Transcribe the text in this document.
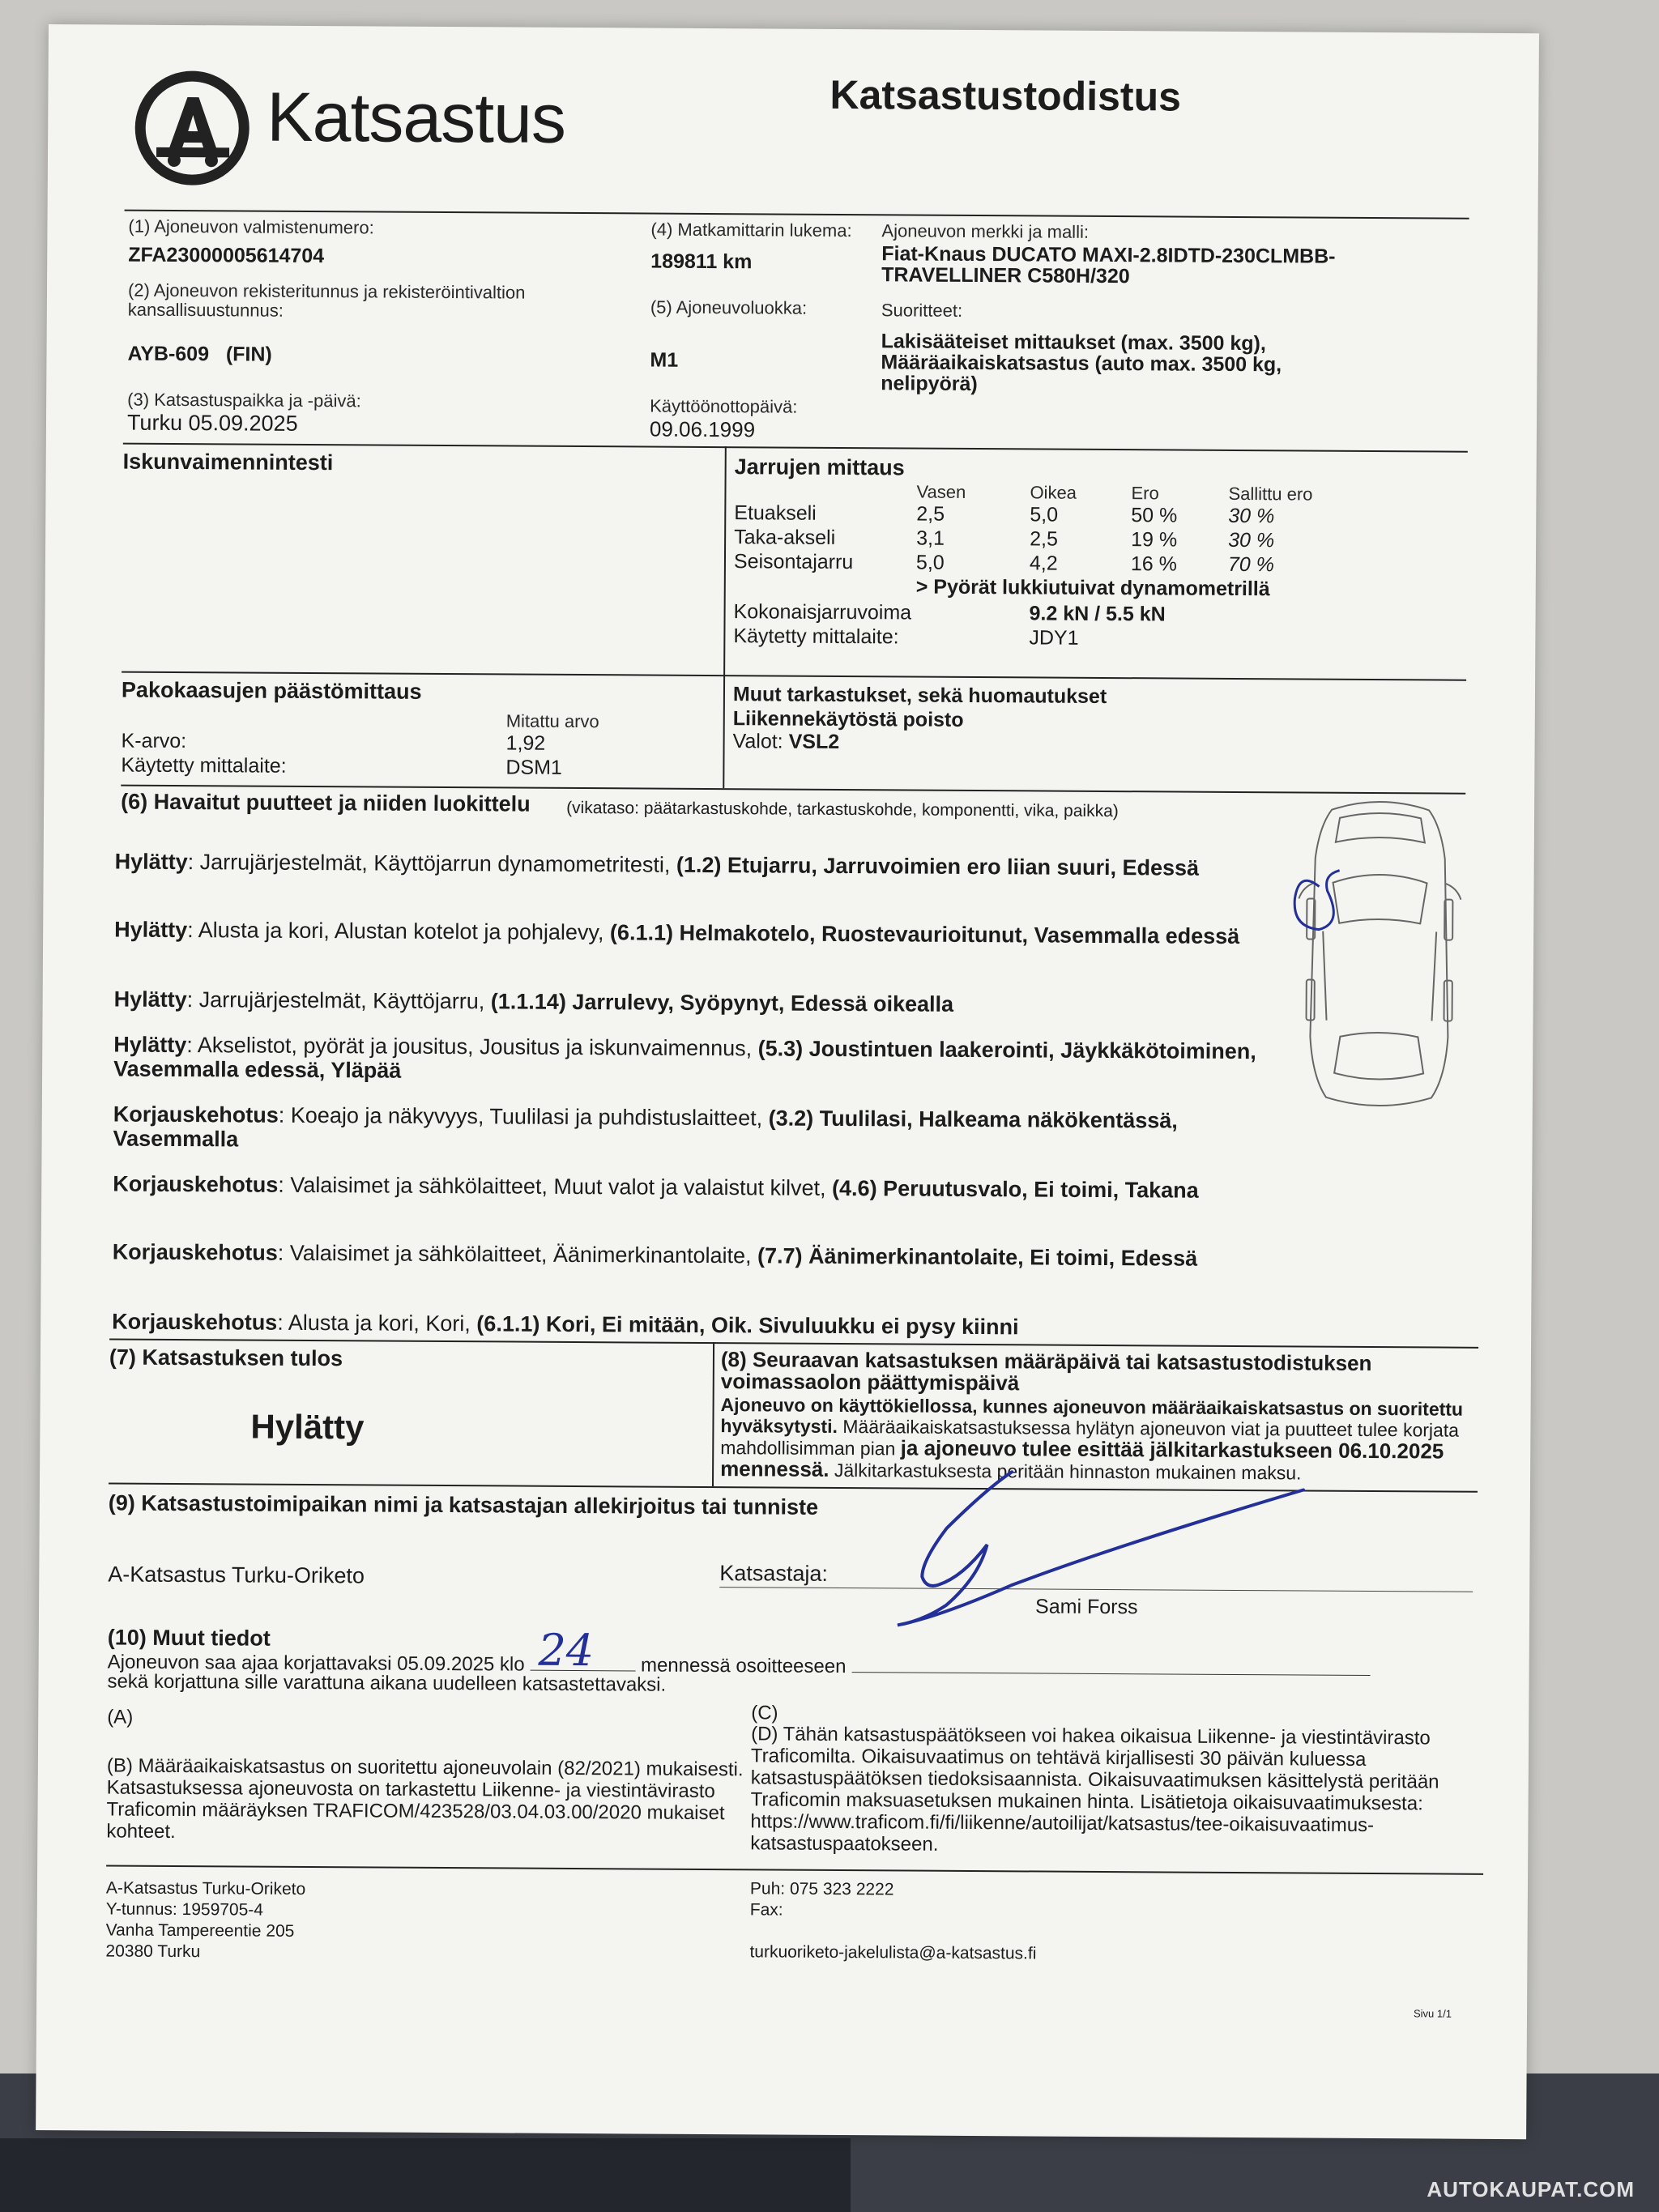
Katsastus	Katsastustodistus
(1) Ajoneuvon valmistenumero:
ZFA23000005614704
(2) Ajoneuvon rekisteritunnus ja rekisteröintivaltion kansallisuustunnus:
AYB-609   (FIN)
(3) Katsastuspaikka ja -päivä:
Turku 05.09.2025
(4) Matkamittarin lukema:
189811 km
(5) Ajoneuvoluokka:
M1
Käyttöönottopäivä:
09.06.1999
Ajoneuvon merkki ja malli:
Fiat-Knaus DUCATO MAXI-2.8IDTD-230CLMBB-TRAVELLINER C580H/320
Suoritteet:
Lakisääteiset mittaukset (max. 3500 kg), Määräaikaiskatsastus (auto max. 3500 kg, nelipyörä)
Iskunvaimennintesti	Jarrujen mittaus
Vasen	Oikea	Ero	Sallittu ero
Etuakseli	2,5	5,0	50 %	30 %
Taka-akseli	3,1	2,5	19 %	30 %
Seisontajarru	5,0	4,2	16 %	70 %
> Pyörät lukkiutuivat dynamometrillä
Kokonaisjarruvoima	9.2 kN / 5.5 kN
Käytetty mittalaite:	JDY1
Pakokaasujen päästömittaus
Mitattu arvo
K-arvo:	1,92
Käytetty mittalaite:	DSM1
Muut tarkastukset, sekä huomautukset
Liikennekäytöstä poisto
Valot: VSL2
(6) Havaitut puutteet ja niiden luokittelu (vikataso: päätarkastuskohde, tarkastuskohde, komponentti, vika, paikka)
Hylätty: Jarrujärjestelmät, Käyttöjarrun dynamometritesti, (1.2) Etujarru, Jarruvoimien ero liian suuri, Edessä
Hylätty: Alusta ja kori, Alustan kotelot ja pohjalevy, (6.1.1) Helmakotelo, Ruostevaurioitunut, Vasemmalla edessä
Hylätty: Jarrujärjestelmät, Käyttöjarru, (1.1.14) Jarrulevy, Syöpynyt, Edessä oikealla
Hylätty: Akselistot, pyörät ja jousitus, Jousitus ja iskunvaimennus, (5.3) Joustintuen laakerointi, Jäykkäkötoiminen, Vasemmalla edessä, Yläpää
Korjauskehotus: Koeajo ja näkyvyys, Tuulilasi ja puhdistuslaitteet, (3.2) Tuulilasi, Halkeama näkökentässä, Vasemmalla
Korjauskehotus: Valaisimet ja sähkölaitteet, Muut valot ja valaistut kilvet, (4.6) Peruutusvalo, Ei toimi, Takana
Korjauskehotus: Valaisimet ja sähkölaitteet, Äänimerkinantolaite, (7.7) Äänimerkinantolaite, Ei toimi, Edessä
Korjauskehotus: Alusta ja kori, Kori, (6.1.1) Kori, Ei mitään, Oik. Sivuluukku ei pysy kiinni
(7) Katsastuksen tulos
Hylätty
(8) Seuraavan katsastuksen määräpäivä tai katsastustodistuksen voimassaolon päättymispäivä
Ajoneuvo on käyttökiellossa, kunnes ajoneuvon määräaikaiskatsastus on suoritettu hyväksytysti. Määräaikaiskatsastuksessa hylätyn ajoneuvon viat ja puutteet tulee korjata mahdollisimman pian ja ajoneuvo tulee esittää jälkitarkastukseen 06.10.2025 mennessä. Jälkitarkastuksesta peritään hinnaston mukainen maksu.
(9) Katsastustoimipaikan nimi ja katsastajan allekirjoitus tai tunniste
A-Katsastus Turku-Oriketo	Katsastaja:
Sami Forss
(10) Muut tiedot
Ajoneuvon saa ajaa korjattavaksi 05.09.2025 klo 24 mennessä osoitteeseen
sekä korjattuna sille varattuna aikana uudelleen katsastettavaksi.
(A)
(B) Määräaikaiskatsastus on suoritettu ajoneuvolain (82/2021) mukaisesti. Katsastuksessa ajoneuvosta on tarkastettu Liikenne- ja viestintävirasto Traficomin määräyksen TRAFICOM/423528/03.04.03.00/2020 mukaiset kohteet.
(C)
(D) Tähän katsastuspäätökseen voi hakea oikaisua Liikenne- ja viestintävirasto Traficomilta. Oikaisuvaatimus on tehtävä kirjallisesti 30 päivän kuluessa katsastuspäätöksen tiedoksisaannista. Oikaisuvaatimuksen käsittelystä peritään Traficomin maksuasetuksen mukainen hinta. Lisätietoja oikaisuvaatimuksesta: https://www.traficom.fi/fi/liikenne/autoilijat/katsastus/tee-oikaisuvaatimus-katsastuspaatokseen.
A-Katsastus Turku-Oriketo
Y-tunnus: 1959705-4
Vanha Tampereentie 205
20380 Turku
Puh: 075 323 2222
Fax:
turkuoriketo-jakelulista@a-katsastus.fi
Sivu 1/1
AUTOKAUPAT.COM
